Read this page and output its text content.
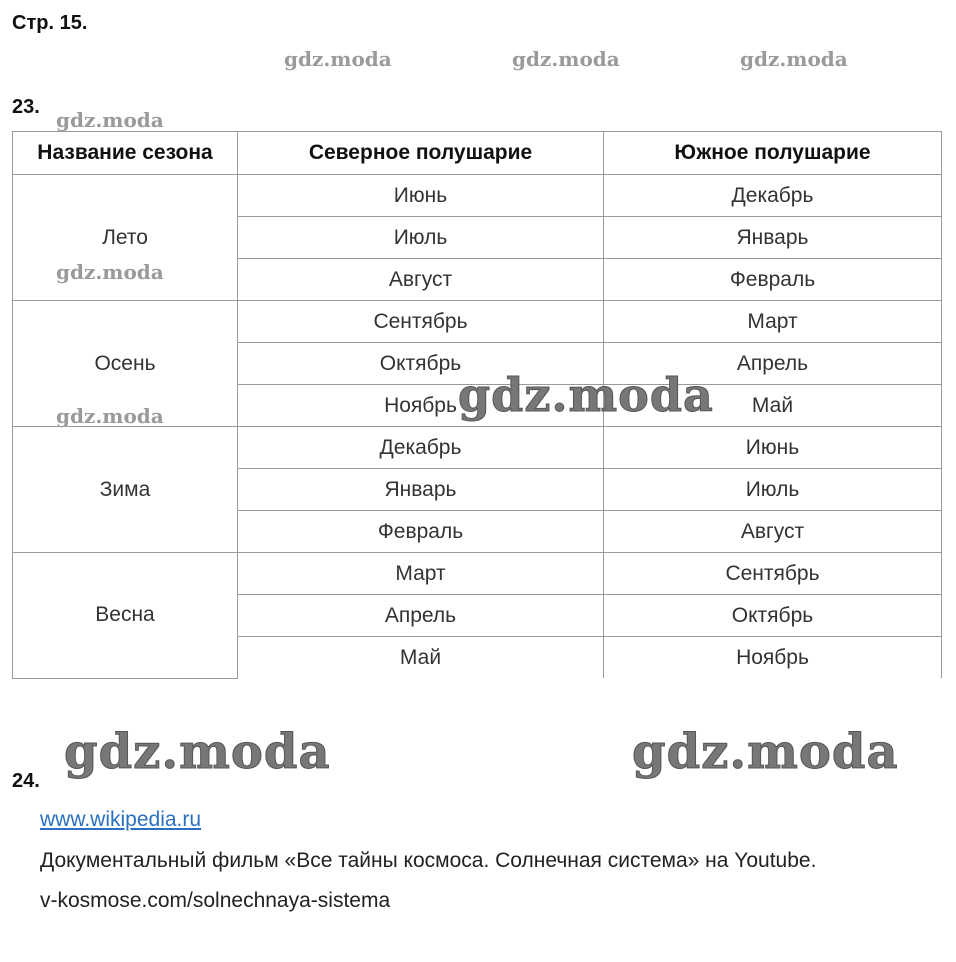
Стр. 15.
gdz.moda	gdz.moda	gdz.moda
23.
gdz.moda
Название сезона	Северное полушарие	Южное полушарие
Лето	Июнь	Декабрь
	Июль	Январь
	Август	Февраль
Осень	Сентябрь	Март
	Октябрь	Апрель
	Ноябрь	Май
Зима	Декабрь	Июнь
	Январь	Июль
	Февраль	Август
Весна	Март	Сентябрь
	Апрель	Октябрь
	Май	Ноябрь
gdz.moda
gdz.moda	gdz.moda
gdz.moda	gdz.moda
24.
www.wikipedia.ru
Документальный фильм «Все тайны космоса. Солнечная система» на Youtube.
v-kosmose.com/solnechnaya-sistema
